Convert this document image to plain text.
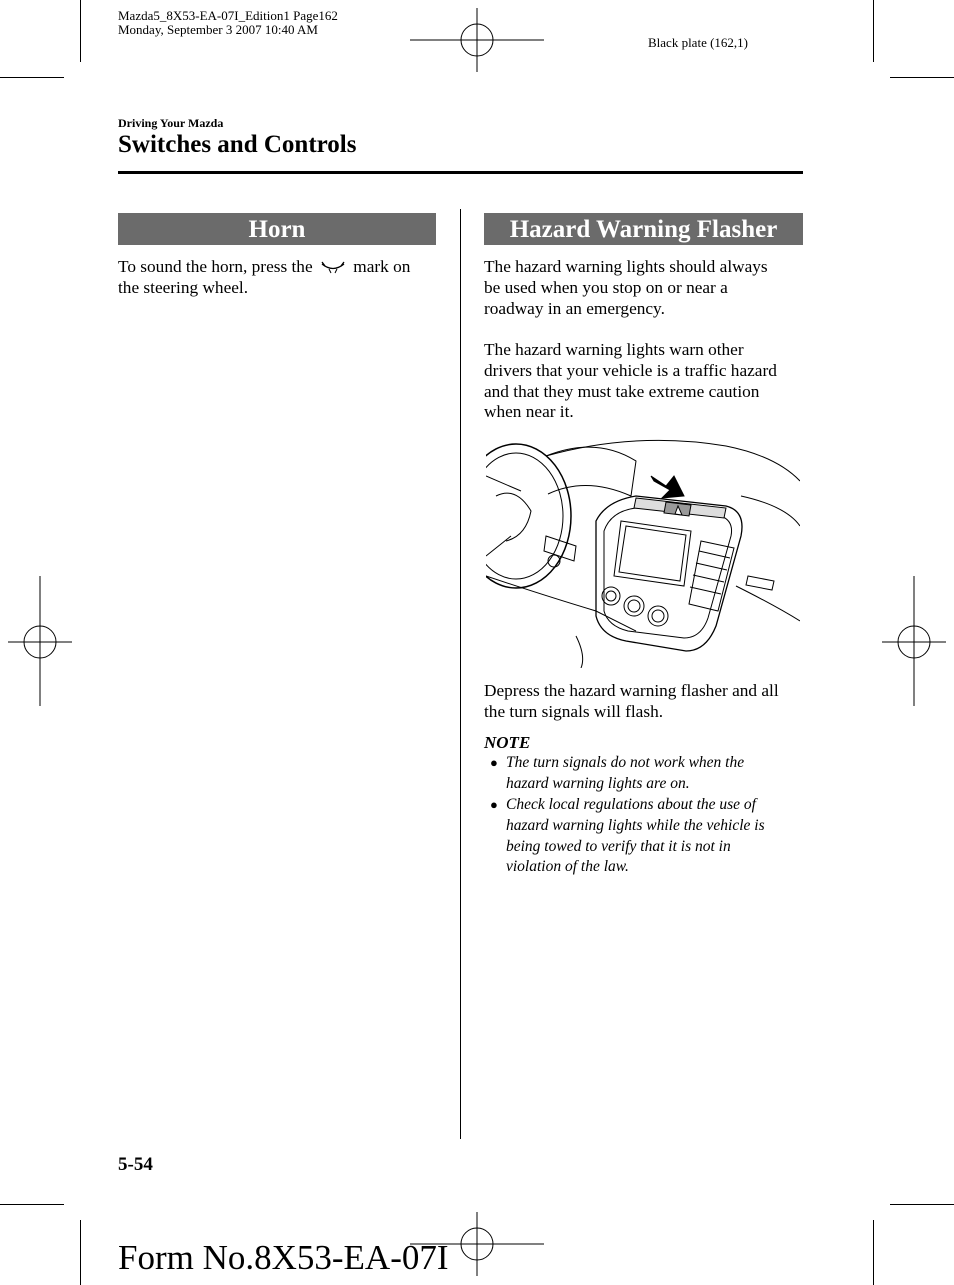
Mazda5_8X53-EA-07I_Edition1 Page162
Monday, September 3 2007 10:40 AM
Black plate (162,1)
Driving Your Mazda
Switches and Controls
Horn
To sound the horn, press the mark on
the steering wheel.
Hazard Warning Flasher
The hazard warning lights should always
be used when you stop on or near a
roadway in an emergency.
The hazard warning lights warn other
drivers that your vehicle is a traffic hazard
and that they must take extreme caution
when near it.
Depress the hazard warning flasher and all
the turn signals will flash.
NOTE
● The turn signals do not work when the
hazard warning lights are on.
● Check local regulations about the use of
hazard warning lights while the vehicle is
being towed to verify that it is not in
violation of the law.
5-54
Form No.8X53-EA-07I
